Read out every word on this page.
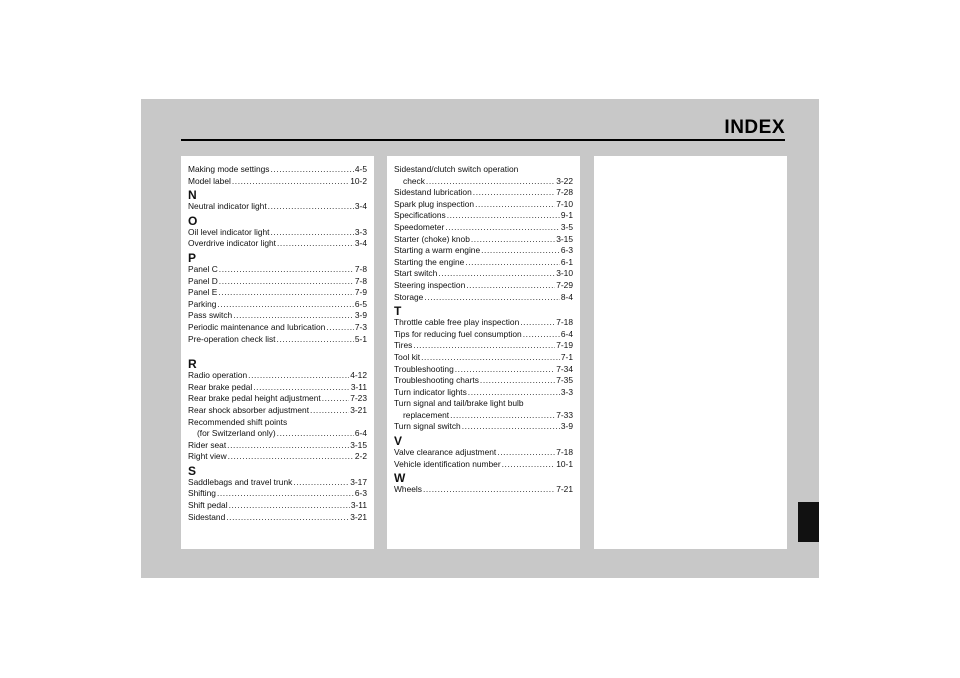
INDEX
Making mode settings .....	4-5
Model label .....	10-2
N
Neutral indicator light .....	3-4
O
Oil level indicator light .....	3-3
Overdrive indicator light .....	3-4
P
Panel C .....	7-8
Panel D .....	7-8
Panel E .....	7-9
Parking .....	6-5
Pass switch .....	3-9
Periodic maintenance and lubrication .....	7-3
Pre-operation check list .....	5-1
R
Radio operation .....	4-12
Rear brake pedal .....	3-11
Rear brake pedal height adjustment .....	7-23
Rear shock absorber adjustment .....	3-21
Recommended shift points
(for Switzerland only) .....	6-4
Rider seat .....	3-15
Right view .....	2-2
S
Saddlebags and travel trunk .....	3-17
Shifting .....	6-3
Shift pedal .....	3-11
Sidestand .....	3-21
Sidestand/clutch switch operation
check .....	3-22
Sidestand lubrication .....	7-28
Spark plug inspection .....	7-10
Specifications .....	9-1
Speedometer .....	3-5
Starter (choke) knob .....	3-15
Starting a warm engine .....	6-3
Starting the engine .....	6-1
Start switch .....	3-10
Steering inspection .....	7-29
Storage .....	8-4
T
Throttle cable free play inspection .....	7-18
Tips for reducing fuel consumption .....	6-4
Tires .....	7-19
Tool kit .....	7-1
Troubleshooting .....	7-34
Troubleshooting charts .....	7-35
Turn indicator lights .....	3-3
Turn signal and tail/brake light bulb
replacement .....	7-33
Turn signal switch .....	3-9
V
Valve clearance adjustment .....	7-18
Vehicle identification number .....	10-1
W
Wheels .....	7-21
